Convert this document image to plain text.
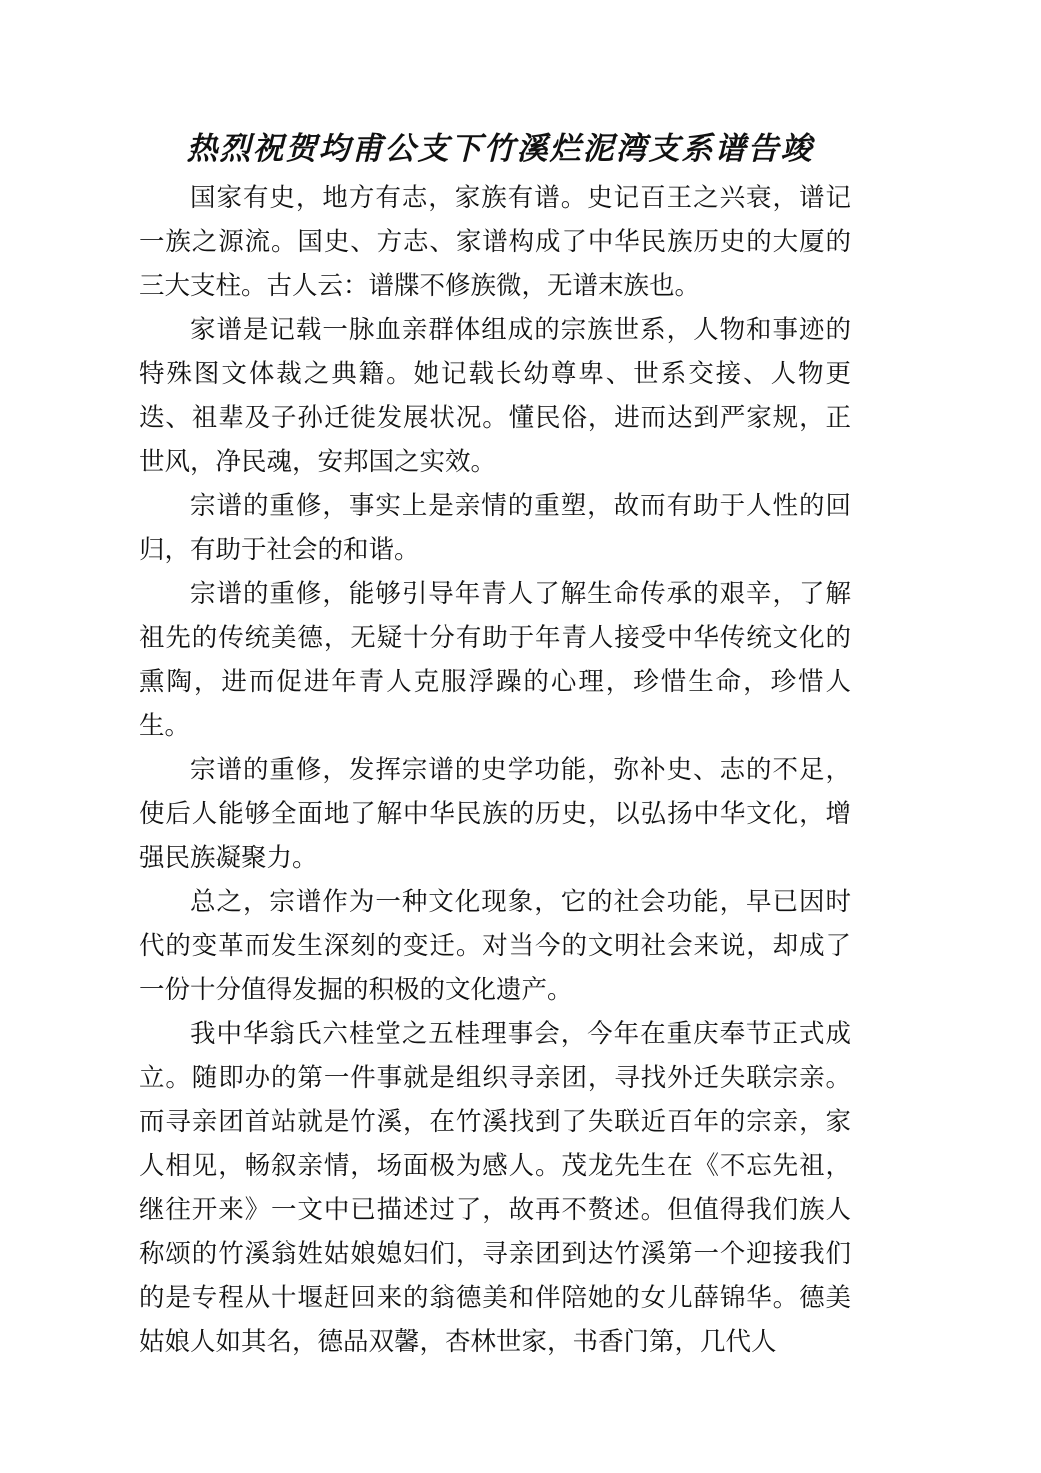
热烈祝贺均甫公支下竹溪烂泥湾支系谱告竣

国家有史，地方有志，家族有谱。史记百王之兴衰，谱记一族之源流。国史、方志、家谱构成了中华民族历史的大厦的三大支柱。古人云：谱牒不修族微，无谱末族也。

家谱是记载一脉血亲群体组成的宗族世系，人物和事迹的特殊图文体裁之典籍。她记载长幼尊卑、世系交接、人物更迭、祖辈及子孙迁徙发展状况。懂民俗，进而达到严家规，正世风，净民魂，安邦国之实效。

宗谱的重修，事实上是亲情的重塑，故而有助于人性的回归，有助于社会的和谐。

宗谱的重修，能够引导年青人了解生命传承的艰辛，了解祖先的传统美德，无疑十分有助于年青人接受中华传统文化的熏陶，进而促进年青人克服浮躁的心理，珍惜生命，珍惜人生。

宗谱的重修，发挥宗谱的史学功能，弥补史、志的不足，使后人能够全面地了解中华民族的历史，以弘扬中华文化，增强民族凝聚力。

总之，宗谱作为一种文化现象，它的社会功能，早已因时代的变革而发生深刻的变迁。对当今的文明社会来说，却成了一份十分值得发掘的积极的文化遗产。

我中华翁氏六桂堂之五桂理事会，今年在重庆奉节正式成立。随即办的第一件事就是组织寻亲团，寻找外迁失联宗亲。而寻亲团首站就是竹溪，在竹溪找到了失联近百年的宗亲，家人相见，畅叙亲情，场面极为感人。茂龙先生在《不忘先祖，继往开来》一文中已描述过了，故再不赘述。但值得我们族人称颂的竹溪翁姓姑娘媳妇们，寻亲团到达竹溪第一个迎接我们的是专程从十堰赶回来的翁德美和伴陪她的女儿薛锦华。德美姑娘人如其名，德品双馨，杏林世家，书香门第，几代人
